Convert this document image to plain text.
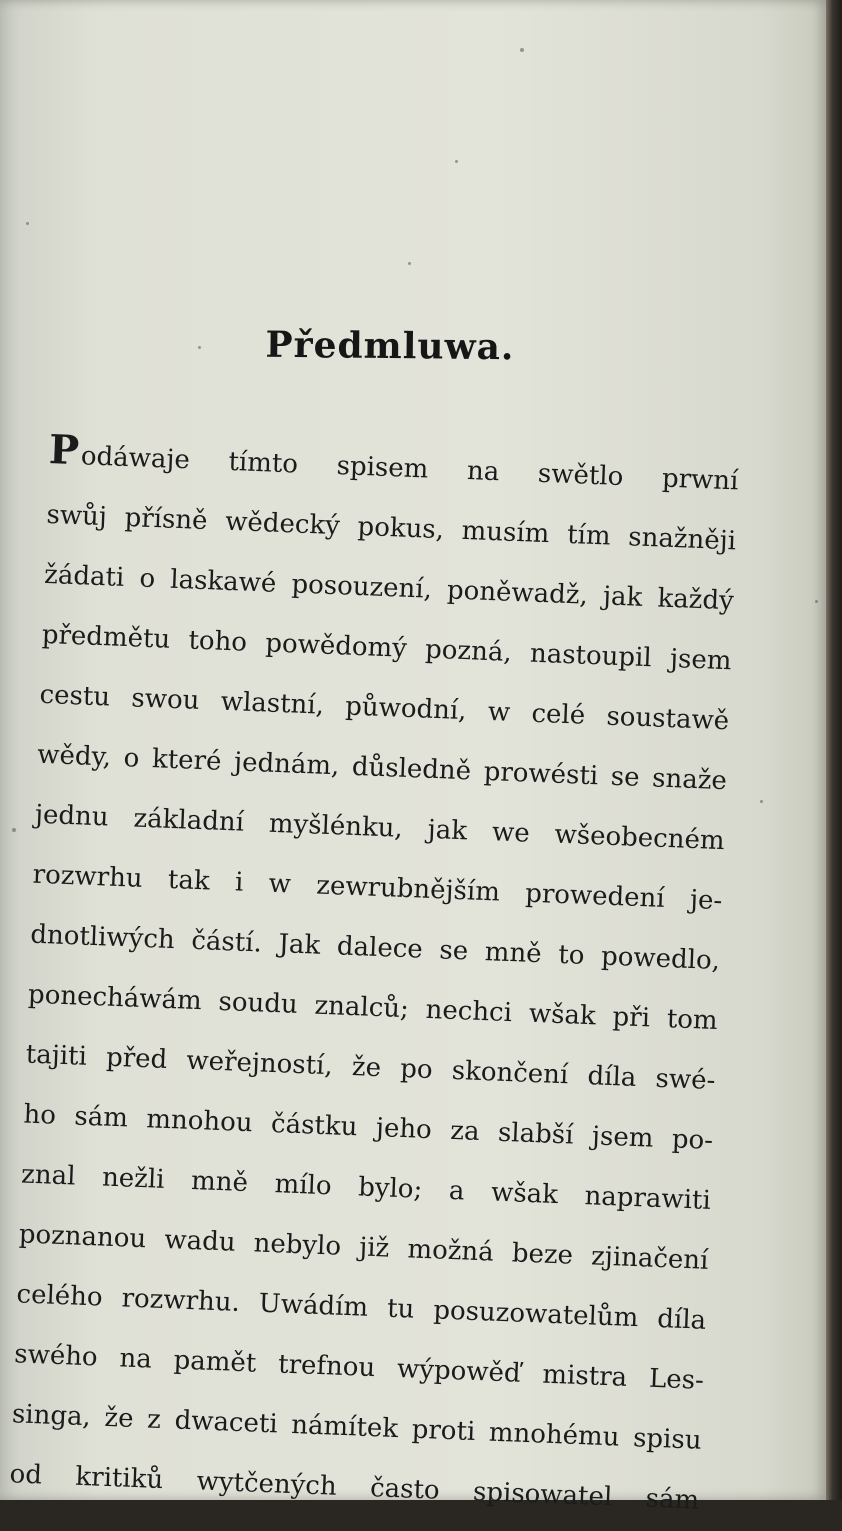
Předmluwa.
P odáwaje tímto spisem na swětlo prwní
swůj přísně wědecký pokus, musím tím snažněji
žádati o laskawé posouzení, poněwadž, jak každý
předmětu toho powědomý pozná, nastoupil jsem
cestu swou wlastní, půwodní, w celé soustawě
wědy, o které jednám, důsledně prowésti se snaže
jednu základní myšlénku, jak we wšeobecném
rozwrhu tak i w zewrubnějším prowedení je-
dnotliwých částí. Jak dalece se mně to powedlo,
ponecháwám soudu znalců; nechci wšak při tom
tajiti před weřejností, že po skončení díla swé-
ho sám mnohou částku jeho za slabší jsem po-
znal nežli mně mílo bylo; a wšak naprawiti
poznanou wadu nebylo již možná beze zjinačení
celého rozwrhu. Uwádím tu posuzowatelům díla
swého na pamět trefnou wýpowěď mistra Les-
singa, že z dwaceti námítek proti mnohému spisu
od kritiků wytčených často spisowatel sám
